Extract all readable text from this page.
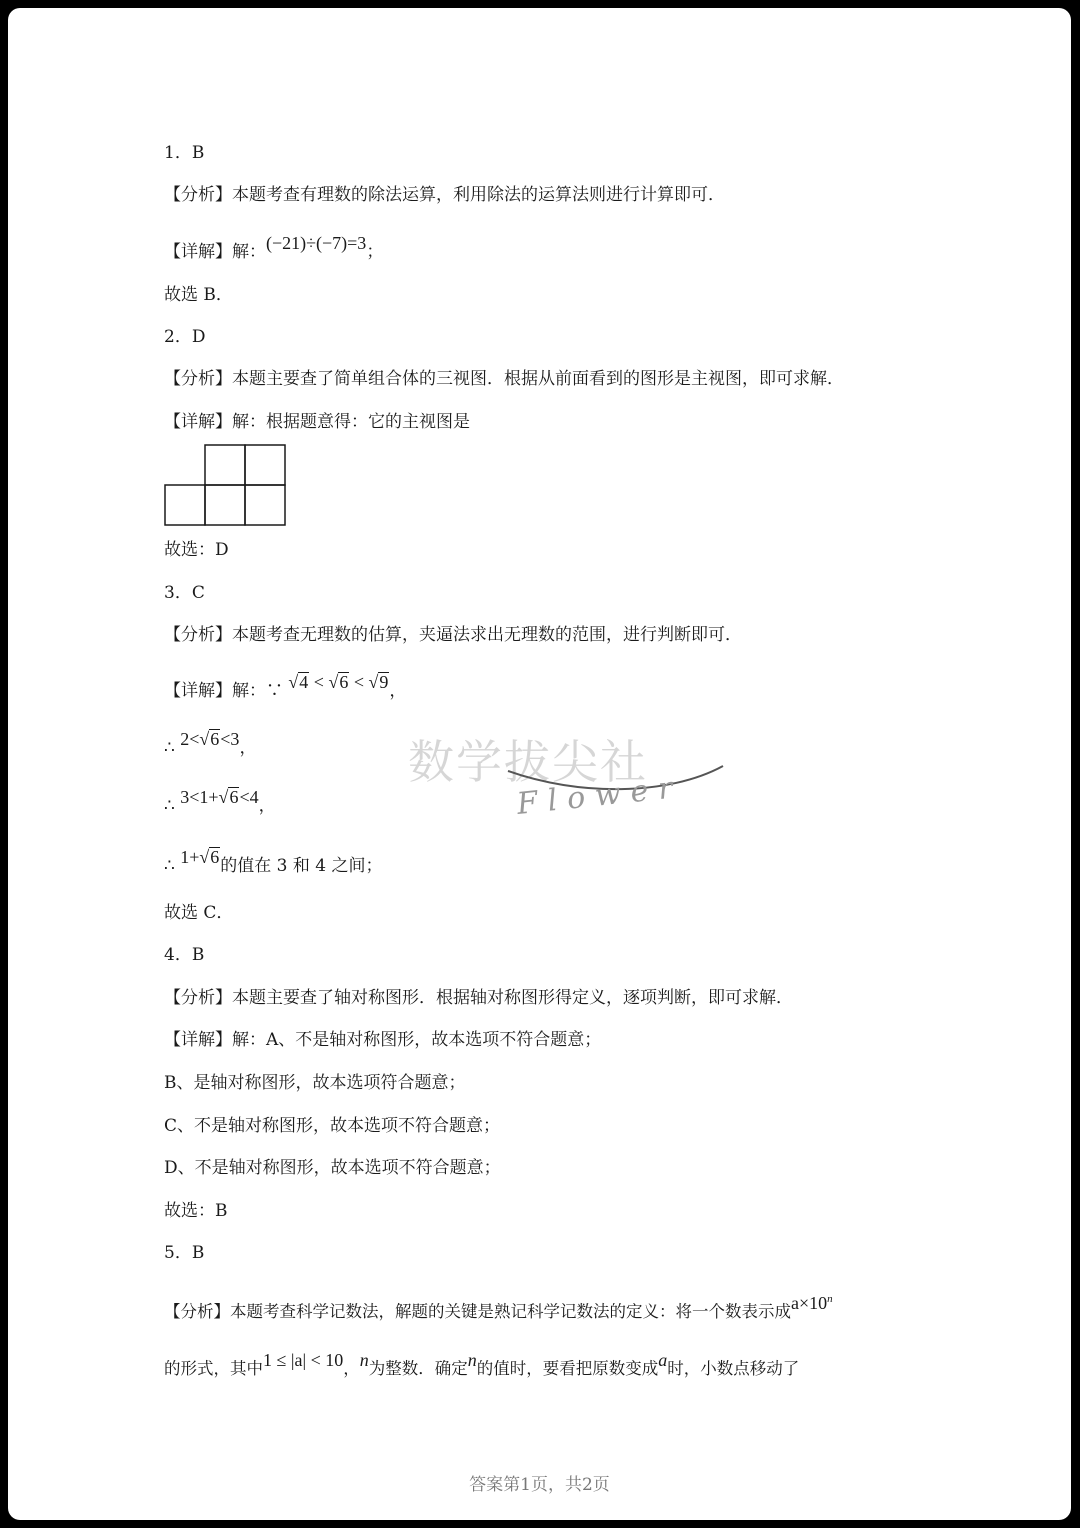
数学拔尖社
Flower
1．B
【分析】本题考查有理数的除法运算，利用除法的运算法则进行计算即可．
【详解】解：(−21)÷(−7)=3；
故选 B．
2．D
【分析】本题主要查了简单组合体的三视图．根据从前面看到的图形是主视图，即可求解．
【详解】解：根据题意得：它的主视图是
故选：D
3．C
【分析】本题考查无理数的估算，夹逼法求出无理数的范围，进行判断即可．
【详解】解：∵ √4 < √6 < √9，
∴ 2<√6<3，
∴ 3<1+√6<4，
∴ 1+√6的值在 3 和 4 之间；
故选 C．
4．B
【分析】本题主要查了轴对称图形．根据轴对称图形得定义，逐项判断，即可求解．
【详解】解：A、不是轴对称图形，故本选项不符合题意；
B、是轴对称图形，故本选项符合题意；
C、不是轴对称图形，故本选项不符合题意；
D、不是轴对称图形，故本选项不符合题意；
故选：B
5．B
【分析】本题考查科学记数法，解题的关键是熟记科学记数法的定义：将一个数表示成$a\times 10^n$
的形式，其中1 ≤ |a| < 10，n为整数．确定n的值时，要看把原数变成a时，小数点移动了
答案第1页，共2页
